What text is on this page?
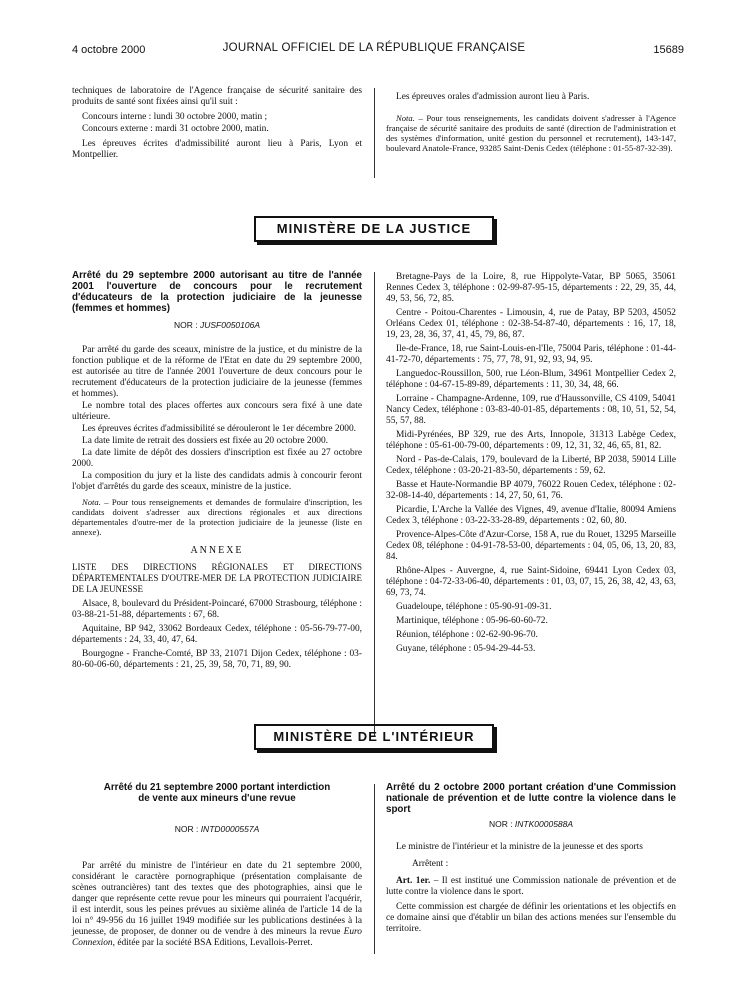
4 octobre 2000	JOURNAL OFFICIEL DE LA RÉPUBLIQUE FRANÇAISE	15689

techniques de laboratoire de l'Agence française de sécurité sanitaire des produits de santé sont fixées ainsi qu'il suit :

Concours interne : lundi 30 octobre 2000, matin ;

Concours externe : mardi 31 octobre 2000, matin.

Les épreuves écrites d'admissibilité auront lieu à Paris, Lyon et Montpellier.

Les épreuves orales d'admission auront lieu à Paris.

Nota. – Pour tous renseignements, les candidats doivent s'adresser à l'Agence française de sécurité sanitaire des produits de santé (direction de l'administration et des systèmes d'information, unité gestion du personnel et recrutement), 143-147, boulevard Anatole-France, 93285 Saint-Denis Cedex (téléphone : 01-55-87-32-39).

MINISTÈRE DE LA JUSTICE
Arrêté du 29 septembre 2000 autorisant au titre de l'année 2001 l'ouverture de concours pour le recrutement d'éducateurs de la protection judiciaire de la jeunesse (femmes et hommes)
NOR : JUSF0050106A

Par arrêté du garde des sceaux, ministre de la justice, et du ministre de la fonction publique et de la réforme de l'Etat en date du 29 septembre 2000, est autorisée au titre de l'année 2001 l'ouverture de deux concours pour le recrutement d'éducateurs de la protection judiciaire de la jeunesse (femmes et hommes).

Le nombre total des places offertes aux concours sera fixé à une date ultérieure.

Les épreuves écrites d'admissibilité se dérouleront le 1er décembre 2000.

La date limite de retrait des dossiers est fixée au 20 octobre 2000.

La date limite de dépôt des dossiers d'inscription est fixée au 27 octobre 2000.

La composition du jury et la liste des candidats admis à concourir feront l'objet d'arrêtés du garde des sceaux, ministre de la justice.

Nota. – Pour tous renseignements et demandes de formulaire d'inscription, les candidats doivent s'adresser aux directions régionales et aux directions départementales d'outre-mer de la protection judiciaire de la jeunesse (liste en annexe).

ANNEXE

LISTE DES DIRECTIONS RÉGIONALES ET DIRECTIONS DÉPARTEMENTALES D'OUTRE-MER DE LA PROTECTION JUDICIAIRE DE LA JEUNESSE

Alsace, 8, boulevard du Président-Poincaré, 67000 Strasbourg, téléphone : 03-88-21-51-88, départements : 67, 68.

Aquitaine, BP 942, 33062 Bordeaux Cedex, téléphone : 05-56-79-77-00, départements : 24, 33, 40, 47, 64.

Bourgogne - Franche-Comté, BP 33, 21071 Dijon Cedex, téléphone : 03-80-60-06-60, départements : 21, 25, 39, 58, 70, 71, 89, 90.

Bretagne-Pays de la Loire, 8, rue Hippolyte-Vatar, BP 5065, 35061 Rennes Cedex 3, téléphone : 02-99-87-95-15, départements : 22, 29, 35, 44, 49, 53, 56, 72, 85.

Centre - Poitou-Charentes - Limousin, 4, rue de Patay, BP 5203, 45052 Orléans Cedex 01, téléphone : 02-38-54-87-40, départements : 16, 17, 18, 19, 23, 28, 36, 37, 41, 45, 79, 86, 87.

Ile-de-France, 18, rue Saint-Louis-en-l'Ile, 75004 Paris, téléphone : 01-44-41-72-70, départements : 75, 77, 78, 91, 92, 93, 94, 95.

Languedoc-Roussillon, 500, rue Léon-Blum, 34961 Montpellier Cedex 2, téléphone : 04-67-15-89-89, départements : 11, 30, 34, 48, 66.

Lorraine - Champagne-Ardenne, 109, rue d'Haussonville, CS 4109, 54041 Nancy Cedex, téléphone : 03-83-40-01-85, départements : 08, 10, 51, 52, 54, 55, 57, 88.

Midi-Pyrénées, BP 329, rue des Arts, Innopole, 31313 Labège Cedex, téléphone : 05-61-00-79-00, départements : 09, 12, 31, 32, 46, 65, 81, 82.

Nord - Pas-de-Calais, 179, boulevard de la Liberté, BP 2038, 59014 Lille Cedex, téléphone : 03-20-21-83-50, départements : 59, 62.

Basse et Haute-Normandie BP 4079, 76022 Rouen Cedex, téléphone : 02-32-08-14-40, départements : 14, 27, 50, 61, 76.

Picardie, L'Arche la Vallée des Vignes, 49, avenue d'Italie, 80094 Amiens Cedex 3, téléphone : 03-22-33-28-89, départements : 02, 60, 80.

Provence-Alpes-Côte d'Azur-Corse, 158 A, rue du Rouet, 13295 Marseille Cedex 08, téléphone : 04-91-78-53-00, départements : 04, 05, 06, 13, 20, 83, 84.

Rhône-Alpes - Auvergne, 4, rue Saint-Sidoine, 69441 Lyon Cedex 03, téléphone : 04-72-33-06-40, départements : 01, 03, 07, 15, 26, 38, 42, 43, 63, 69, 73, 74.

Guadeloupe, téléphone : 05-90-91-09-31.

Martinique, téléphone : 05-96-60-60-72.

Réunion, téléphone : 02-62-90-96-70.

Guyane, téléphone : 05-94-29-44-53.

MINISTÈRE DE L'INTÉRIEUR
Arrêté du 21 septembre 2000 portant interdiction de vente aux mineurs d'une revue
NOR : INTD0000557A

Par arrêté du ministre de l'intérieur en date du 21 septembre 2000, considérant le caractère pornographique (présentation complaisante de scènes outrancières) tant des textes que des photographies, ainsi que le danger que représente cette revue pour les mineurs qui pourraient l'acquérir, il est interdit, sous les peines prévues au sixième alinéa de l'article 14 de la loi n° 49-956 du 16 juillet 1949 modifiée sur les publications destinées à la jeunesse, de proposer, de donner ou de vendre à des mineurs la revue Euro Connexion, éditée par la société BSA Editions, Levallois-Perret.

Arrêté du 2 octobre 2000 portant création d'une Commission nationale de prévention et de lutte contre la violence dans le sport
NOR : INTK0000588A

Le ministre de l'intérieur et la ministre de la jeunesse et des sports

Arrêtent :

Art. 1er. – Il est institué une Commission nationale de prévention et de lutte contre la violence dans le sport.

Cette commission est chargée de définir les orientations et les objectifs en ce domaine ainsi que d'établir un bilan des actions menées sur l'ensemble du territoire.
